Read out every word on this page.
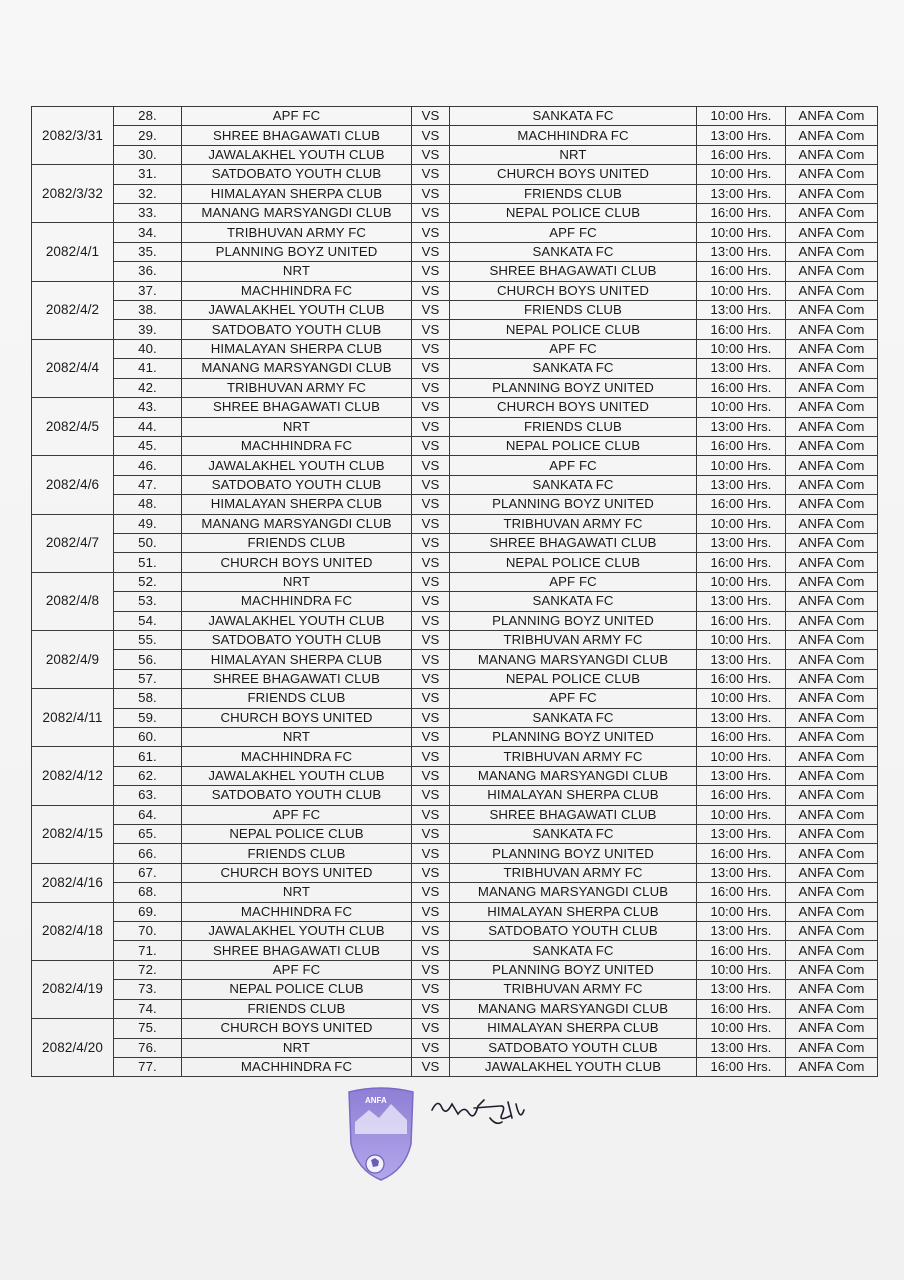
2082/3/31	28.	APF FC	VS	SANKATA FC	10:00 Hrs.	ANFA Com
	29.	SHREE BHAGAWATI CLUB	VS	MACHHINDRA FC	13:00 Hrs.	ANFA Com
	30.	JAWALAKHEL YOUTH CLUB	VS	NRT	16:00 Hrs.	ANFA Com
2082/3/32	31.	SATDOBATO YOUTH CLUB	VS	CHURCH BOYS UNITED	10:00 Hrs.	ANFA Com
	32.	HIMALAYAN SHERPA CLUB	VS	FRIENDS CLUB	13:00 Hrs.	ANFA Com
	33.	MANANG MARSYANGDI CLUB	VS	NEPAL POLICE CLUB	16:00 Hrs.	ANFA Com
2082/4/1	34.	TRIBHUVAN ARMY FC	VS	APF FC	10:00 Hrs.	ANFA Com
	35.	PLANNING BOYZ UNITED	VS	SANKATA FC	13:00 Hrs.	ANFA Com
	36.	NRT	VS	SHREE BHAGAWATI CLUB	16:00 Hrs.	ANFA Com
2082/4/2	37.	MACHHINDRA FC	VS	CHURCH BOYS UNITED	10:00 Hrs.	ANFA Com
	38.	JAWALAKHEL YOUTH CLUB	VS	FRIENDS CLUB	13:00 Hrs.	ANFA Com
	39.	SATDOBATO YOUTH CLUB	VS	NEPAL POLICE CLUB	16:00 Hrs.	ANFA Com
2082/4/4	40.	HIMALAYAN SHERPA CLUB	VS	APF FC	10:00 Hrs.	ANFA Com
	41.	MANANG MARSYANGDI CLUB	VS	SANKATA FC	13:00 Hrs.	ANFA Com
	42.	TRIBHUVAN ARMY FC	VS	PLANNING BOYZ UNITED	16:00 Hrs.	ANFA Com
2082/4/5	43.	SHREE BHAGAWATI CLUB	VS	CHURCH BOYS UNITED	10:00 Hrs.	ANFA Com
	44.	NRT	VS	FRIENDS CLUB	13:00 Hrs.	ANFA Com
	45.	MACHHINDRA FC	VS	NEPAL POLICE CLUB	16:00 Hrs.	ANFA Com
2082/4/6	46.	JAWALAKHEL YOUTH CLUB	VS	APF FC	10:00 Hrs.	ANFA Com
	47.	SATDOBATO YOUTH CLUB	VS	SANKATA FC	13:00 Hrs.	ANFA Com
	48.	HIMALAYAN SHERPA CLUB	VS	PLANNING BOYZ UNITED	16:00 Hrs.	ANFA Com
2082/4/7	49.	MANANG MARSYANGDI CLUB	VS	TRIBHUVAN ARMY FC	10:00 Hrs.	ANFA Com
	50.	FRIENDS CLUB	VS	SHREE BHAGAWATI CLUB	13:00 Hrs.	ANFA Com
	51.	CHURCH BOYS UNITED	VS	NEPAL POLICE CLUB	16:00 Hrs.	ANFA Com
2082/4/8	52.	NRT	VS	APF FC	10:00 Hrs.	ANFA Com
	53.	MACHHINDRA FC	VS	SANKATA FC	13:00 Hrs.	ANFA Com
	54.	JAWALAKHEL YOUTH CLUB	VS	PLANNING BOYZ UNITED	16:00 Hrs.	ANFA Com
2082/4/9	55.	SATDOBATO YOUTH CLUB	VS	TRIBHUVAN ARMY FC	10:00 Hrs.	ANFA Com
	56.	HIMALAYAN SHERPA CLUB	VS	MANANG MARSYANGDI CLUB	13:00 Hrs.	ANFA Com
	57.	SHREE BHAGAWATI CLUB	VS	NEPAL POLICE CLUB	16:00 Hrs.	ANFA Com
2082/4/11	58.	FRIENDS CLUB	VS	APF FC	10:00 Hrs.	ANFA Com
	59.	CHURCH BOYS UNITED	VS	SANKATA FC	13:00 Hrs.	ANFA Com
	60.	NRT	VS	PLANNING BOYZ UNITED	16:00 Hrs.	ANFA Com
2082/4/12	61.	MACHHINDRA FC	VS	TRIBHUVAN ARMY FC	10:00 Hrs.	ANFA Com
	62.	JAWALAKHEL YOUTH CLUB	VS	MANANG MARSYANGDI CLUB	13:00 Hrs.	ANFA Com
	63.	SATDOBATO YOUTH CLUB	VS	HIMALAYAN SHERPA CLUB	16:00 Hrs.	ANFA Com
2082/4/15	64.	APF FC	VS	SHREE BHAGAWATI CLUB	10:00 Hrs.	ANFA Com
	65.	NEPAL POLICE CLUB	VS	SANKATA FC	13:00 Hrs.	ANFA Com
	66.	FRIENDS CLUB	VS	PLANNING BOYZ UNITED	16:00 Hrs.	ANFA Com
2082/4/16	67.	CHURCH BOYS UNITED	VS	TRIBHUVAN ARMY FC	13:00 Hrs.	ANFA Com
	68.	NRT	VS	MANANG MARSYANGDI CLUB	16:00 Hrs.	ANFA Com
2082/4/18	69.	MACHHINDRA FC	VS	HIMALAYAN SHERPA CLUB	10:00 Hrs.	ANFA Com
	70.	JAWALAKHEL YOUTH CLUB	VS	SATDOBATO YOUTH CLUB	13:00 Hrs.	ANFA Com
	71.	SHREE BHAGAWATI CLUB	VS	SANKATA FC	16:00 Hrs.	ANFA Com
2082/4/19	72.	APF FC	VS	PLANNING BOYZ UNITED	10:00 Hrs.	ANFA Com
	73.	NEPAL POLICE CLUB	VS	TRIBHUVAN ARMY FC	13:00 Hrs.	ANFA Com
	74.	FRIENDS CLUB	VS	MANANG MARSYANGDI CLUB	16:00 Hrs.	ANFA Com
2082/4/20	75.	CHURCH BOYS UNITED	VS	HIMALAYAN SHERPA CLUB	10:00 Hrs.	ANFA Com
	76.	NRT	VS	SATDOBATO YOUTH CLUB	13:00 Hrs.	ANFA Com
	77.	MACHHINDRA FC	VS	JAWALAKHEL YOUTH CLUB	16:00 Hrs.	ANFA Com
ANFA
